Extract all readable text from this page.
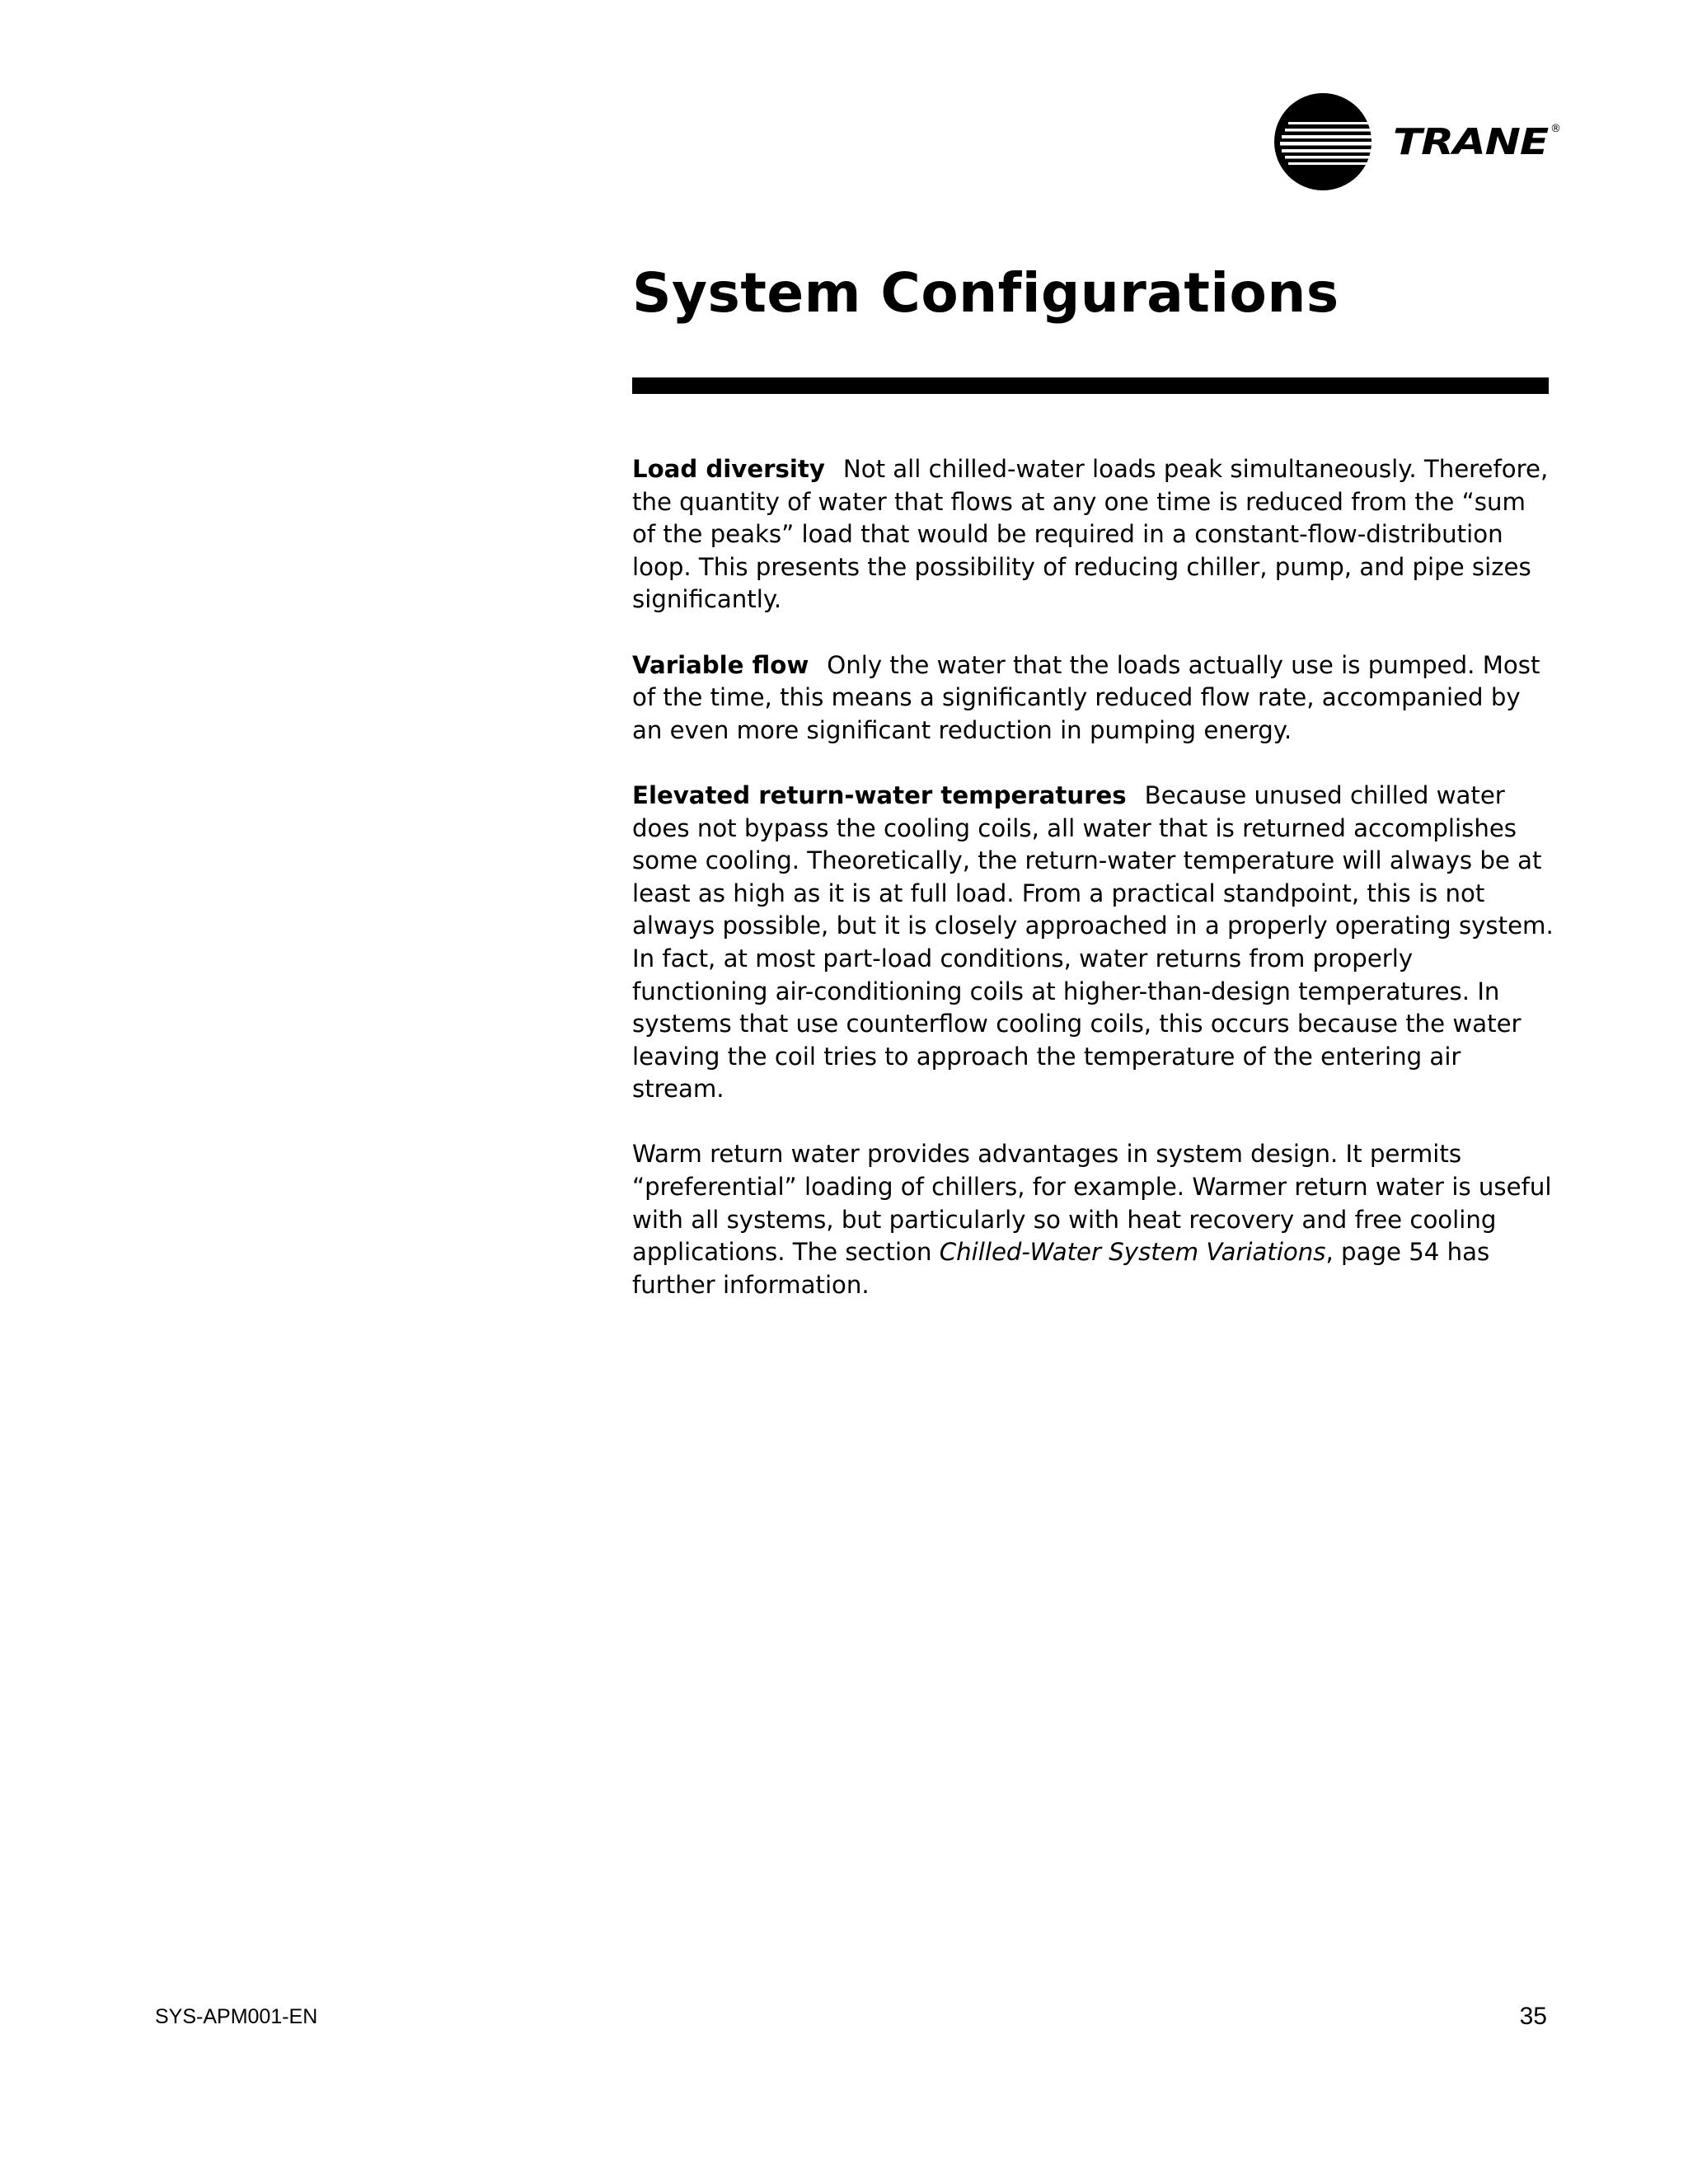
TRANE ®
System Configurations

Load diversity Not all chilled-water loads peak simultaneously. Therefore, the quantity of water that flows at any one time is reduced from the “sum of the peaks” load that would be required in a constant-flow-distribution loop. This presents the possibility of reducing chiller, pump, and pipe sizes significantly.

Variable flow Only the water that the loads actually use is pumped. Most of the time, this means a significantly reduced flow rate, accompanied by an even more significant reduction in pumping energy.

Elevated return-water temperatures Because unused chilled water does not bypass the cooling coils, all water that is returned accomplishes some cooling. Theoretically, the return-water temperature will always be at least as high as it is at full load. From a practical standpoint, this is not always possible, but it is closely approached in a properly operating system. In fact, at most part-load conditions, water returns from properly functioning air-conditioning coils at higher-than-design temperatures. In systems that use counterflow cooling coils, this occurs because the water leaving the coil tries to approach the temperature of the entering air stream.

Warm return water provides advantages in system design. It permits “preferential” loading of chillers, for example. Warmer return water is useful with all systems, but particularly so with heat recovery and free cooling applications. The section Chilled-Water System Variations, page 54 has further information.

SYS-APM001-EN	35
